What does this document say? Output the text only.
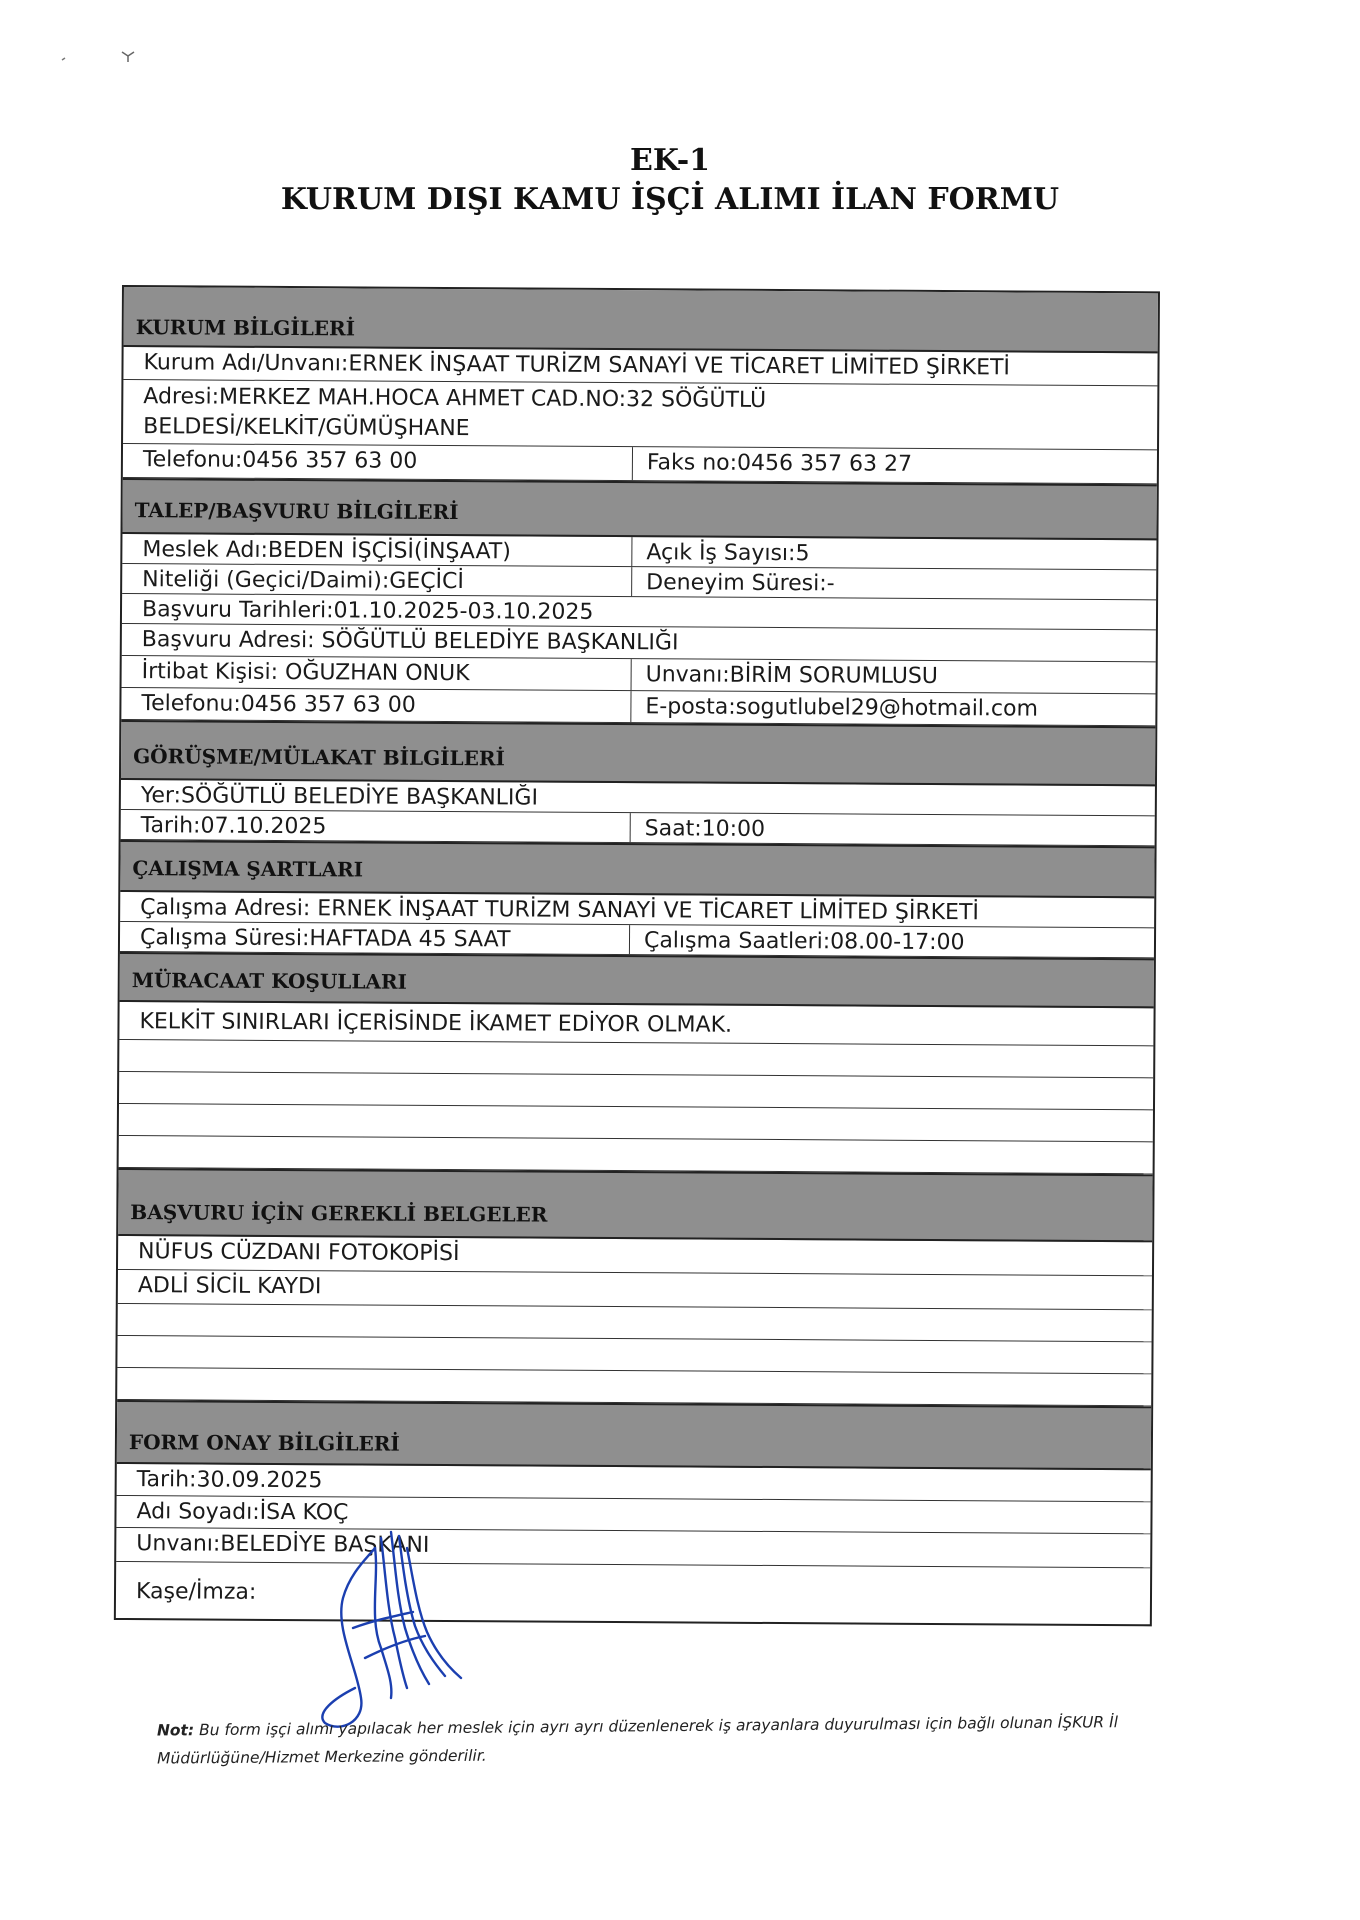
EK-1
KURUM DIŞI KAMU İŞÇİ ALIMI İLAN FORMU
KURUM BİLGİLERİ
Kurum Adı/Unvanı:ERNEK İNŞAAT TURİZM SANAYİ VE TİCARET LİMİTED ŞİRKETİ
Adresi:MERKEZ MAH.HOCA AHMET CAD.NO:32 SÖĞÜTLÜ BELDESİ/KELKİT/GÜMÜŞHANE
Telefonu:0456 357 63 00	Faks no:0456 357 63 27
TALEP/BAŞVURU BİLGİLERİ
Meslek Adı:BEDEN İŞÇİSİ(İNŞAAT)	Açık İş Sayısı:5
Niteliği (Geçici/Daimi):GEÇİCİ	Deneyim Süresi:-
Başvuru Tarihleri:01.10.2025-03.10.2025
Başvuru Adresi: SÖĞÜTLÜ BELEDİYE BAŞKANLIĞI
İrtibat Kişisi: OĞUZHAN ONUK	Unvanı:BİRİM SORUMLUSU
Telefonu:0456 357 63 00	E-posta:sogutlubel29@hotmail.com
GÖRÜŞME/MÜLAKAT BİLGİLERİ
Yer:SÖĞÜTLÜ BELEDİYE BAŞKANLIĞI
Tarih:07.10.2025	Saat:10:00
ÇALIŞMA ŞARTLARI
Çalışma Adresi: ERNEK İNŞAAT TURİZM SANAYİ VE TİCARET LİMİTED ŞİRKETİ
Çalışma Süresi:HAFTADA 45 SAAT	Çalışma Saatleri:08.00-17:00
MÜRACAAT KOŞULLARI
KELKİT SINIRLARI İÇERİSİNDE İKAMET EDİYOR OLMAK.
BAŞVURU İÇİN GEREKLİ BELGELER
NÜFUS CÜZDANI FOTOKOPİSİ
ADLİ SİCİL KAYDI
FORM ONAY BİLGİLERİ
Tarih:30.09.2025
Adı Soyadı:İSA KOÇ
Unvanı:BELEDİYE BAŞKANI
Kaşe/İmza:
Not: Bu form işçi alımı yapılacak her meslek için ayrı ayrı düzenlenerek iş arayanlara duyurulması için bağlı olunan İŞKUR İl Müdürlüğüne/Hizmet Merkezine gönderilir.
